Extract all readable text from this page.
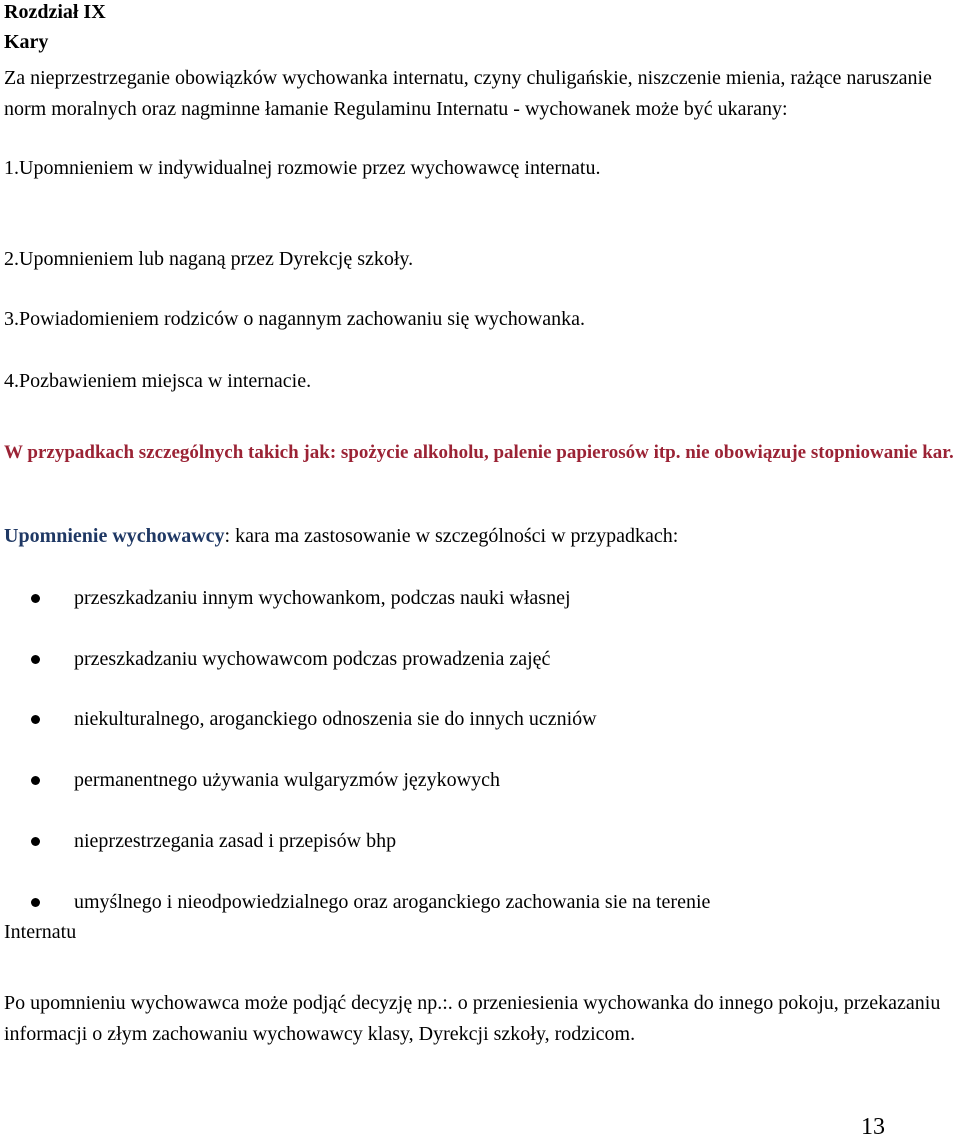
Rozdział IX
Kary
Za nieprzestrzeganie obowiązków wychowanka internatu, czyny chuligańskie, niszczenie mienia, rażące naruszanie norm moralnych oraz nagminne łamanie Regulaminu Internatu - wychowanek może być ukarany:
1.Upomnieniem w indywidualnej rozmowie przez wychowawcę internatu.
2.Upomnieniem lub naganą przez Dyrekcję szkoły.
3.Powiadomieniem rodziców o nagannym zachowaniu się wychowanka.
4.Pozbawieniem miejsca w internacie.
W przypadkach szczególnych takich jak: spożycie alkoholu, palenie papierosów itp. nie obowiązuje stopniowanie kar.
Upomnienie wychowawcy: kara ma zastosowanie w szczególności w przypadkach:
przeszkadzaniu innym wychowankom, podczas nauki własnej
przeszkadzaniu wychowawcom podczas prowadzenia zajęć
niekulturalnego, aroganckiego odnoszenia sie do innych uczniów
permanentnego używania wulgaryzmów językowych
nieprzestrzegania zasad i przepisów bhp
umyślnego i nieodpowiedzialnego oraz aroganckiego zachowania sie na terenie
Internatu
Po upomnieniu wychowawca może podjąć decyzję np.:. o przeniesienia wychowanka do innego pokoju, przekazaniu informacji o złym zachowaniu wychowawcy klasy, Dyrekcji szkoły, rodzicom.
13
